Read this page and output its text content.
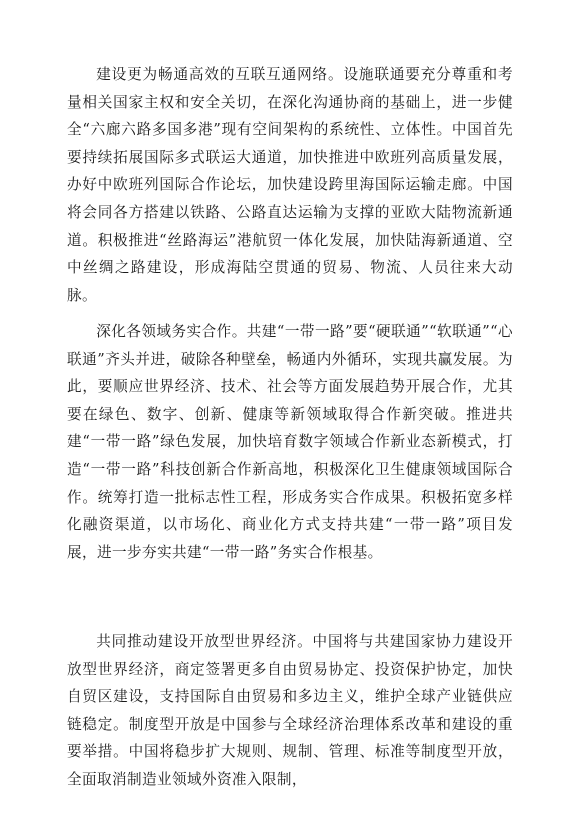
建设更为畅通高效的互联互通网络。设施联通要充分尊重和考量相关国家主权和安全关切，在深化沟通协商的基础上，进一步健全“六廊六路多国多港”现有空间架构的系统性、立体性。中国首先要持续拓展国际多式联运大通道，加快推进中欧班列高质量发展，办好中欧班列国际合作论坛，加快建设跨里海国际运输走廊。中国将会同各方搭建以铁路、公路直达运输为支撑的亚欧大陆物流新通道。积极推进“丝路海运”港航贸一体化发展，加快陆海新通道、空中丝绸之路建设，形成海陆空贯通的贸易、物流、人员往来大动脉。

深化各领域务实合作。共建“一带一路”要“硬联通”“软联通”“心联通”齐头并进，破除各种壁垒，畅通内外循环，实现共赢发展。为此，要顺应世界经济、技术、社会等方面发展趋势开展合作，尤其要在绿色、数字、创新、健康等新领域取得合作新突破。推进共建“一带一路”绿色发展，加快培育数字领域合作新业态新模式，打造“一带一路”科技创新合作新高地，积极深化卫生健康领域国际合作。统筹打造一批标志性工程，形成务实合作成果。积极拓宽多样化融资渠道，以市场化、商业化方式支持共建“一带一路”项目发展，进一步夯实共建“一带一路”务实合作根基。

共同推动建设开放型世界经济。中国将与共建国家协力建设开放型世界经济，商定签署更多自由贸易协定、投资保护协定，加快自贸区建设，支持国际自由贸易和多边主义，维护全球产业链供应链稳定。制度型开放是中国参与全球经济治理体系改革和建设的重要举措。中国将稳步扩大规则、规制、管理、标准等制度型开放，全面取消制造业领域外资准入限制，
